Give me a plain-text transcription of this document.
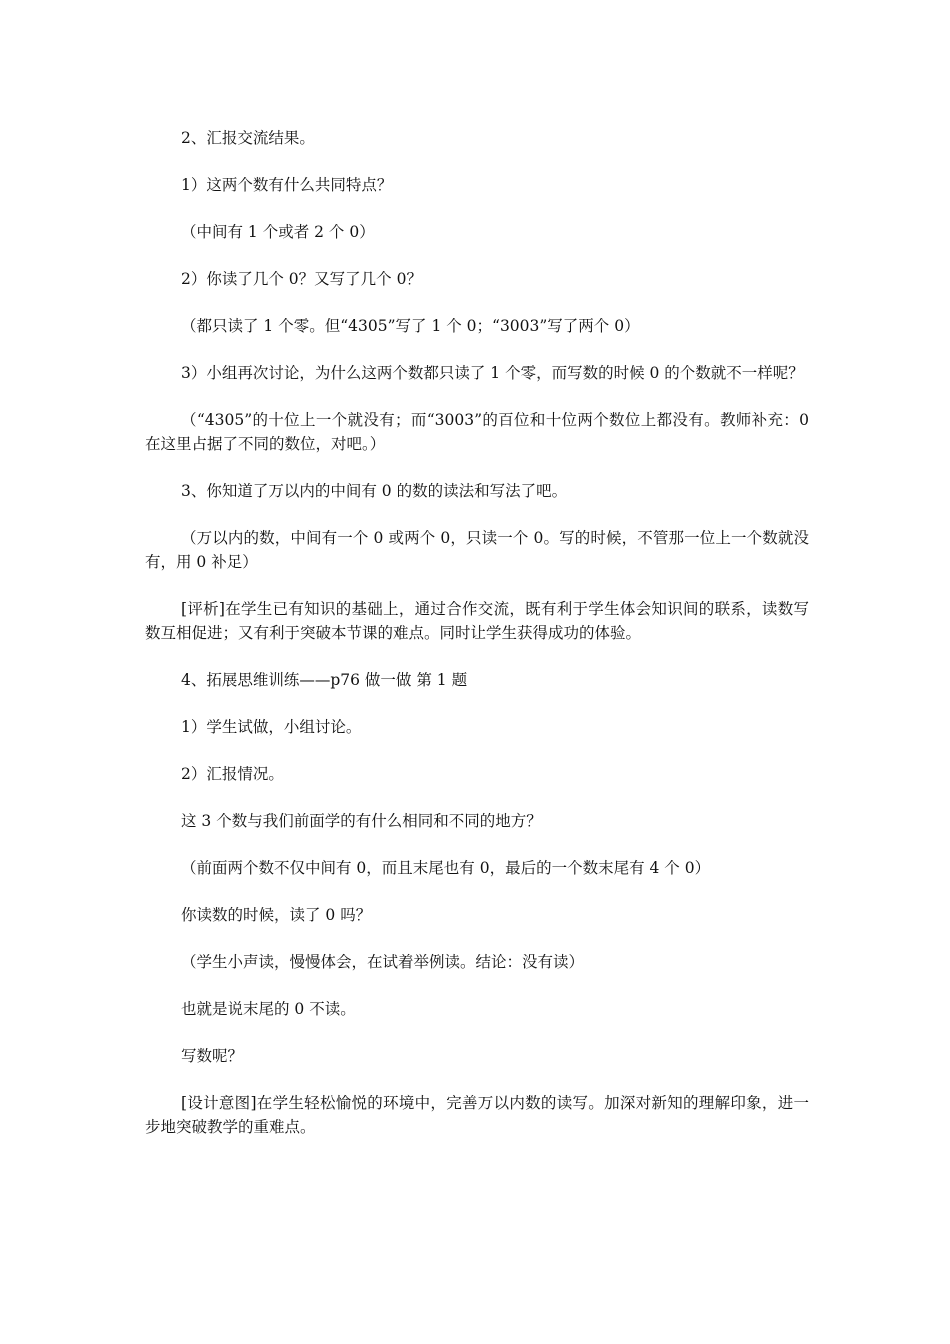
2、汇报交流结果。

1）这两个数有什么共同特点？

（中间有 1 个或者 2 个 0）

2）你读了几个 0？又写了几个 0？

（都只读了 1 个零。但“4305”写了 1 个 0；“3003”写了两个 0）

3）小组再次讨论，为什么这两个数都只读了 1 个零，而写数的时候 0 的个数就不一样呢？

（“4305”的十位上一个就没有；而“3003”的百位和十位两个数位上都没有。教师补充：0 在这里占据了不同的数位，对吧。）

3、你知道了万以内的中间有 0 的数的读法和写法了吧。

（万以内的数，中间有一个 0 或两个 0，只读一个 0。写的时候，不管那一位上一个数就没有，用 0 补足）

[评析]在学生已有知识的基础上，通过合作交流，既有利于学生体会知识间的联系，读数写数互相促进；又有利于突破本节课的难点。同时让学生获得成功的体验。

4、拓展思维训练——p76 做一做 第 1 题

1）学生试做，小组讨论。

2）汇报情况。

这 3 个数与我们前面学的有什么相同和不同的地方？

（前面两个数不仅中间有 0，而且末尾也有 0，最后的一个数末尾有 4 个 0）

你读数的时候，读了 0 吗？

（学生小声读，慢慢体会，在试着举例读。结论：没有读）

也就是说末尾的 0 不读。

写数呢？

[设计意图]在学生轻松愉悦的环境中，完善万以内数的读写。加深对新知的理解印象，进一步地突破教学的重难点。
